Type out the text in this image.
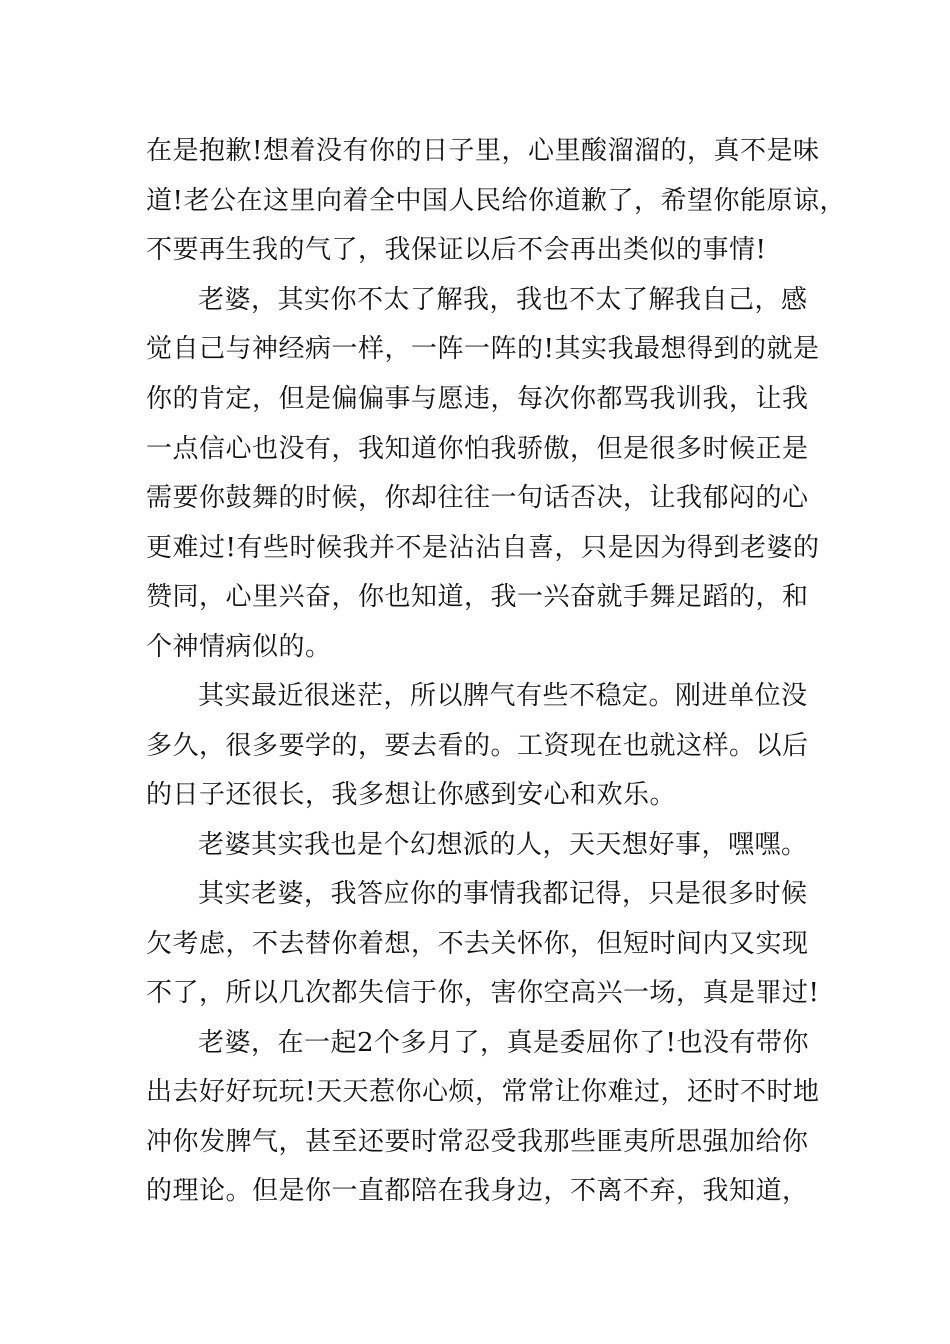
在是抱歉!想着没有你的日子里，心里酸溜溜的，真不是味
道!老公在这里向着全中国人民给你道歉了，希望你能原谅，
不要再生我的气了，我保证以后不会再出类似的事情!
老婆，其实你不太了解我，我也不太了解我自己，感
觉自己与神经病一样，一阵一阵的!其实我最想得到的就是
你的肯定，但是偏偏事与愿违，每次你都骂我训我，让我
一点信心也没有，我知道你怕我骄傲，但是很多时候正是
需要你鼓舞的时候，你却往往一句话否决，让我郁闷的心
更难过!有些时候我并不是沾沾自喜，只是因为得到老婆的
赞同，心里兴奋，你也知道，我一兴奋就手舞足蹈的，和
个神情病似的。
其实最近很迷茫，所以脾气有些不稳定。刚进单位没
多久，很多要学的，要去看的。工资现在也就这样。以后
的日子还很长，我多想让你感到安心和欢乐。
老婆其实我也是个幻想派的人，天天想好事，嘿嘿。
其实老婆，我答应你的事情我都记得，只是很多时候
欠考虑，不去替你着想，不去关怀你，但短时间内又实现
不了，所以几次都失信于你，害你空高兴一场，真是罪过!
老婆，在一起2个多月了，真是委屈你了!也没有带你
出去好好玩玩!天天惹你心烦，常常让你难过，还时不时地
冲你发脾气，甚至还要时常忍受我那些匪夷所思强加给你
的理论。但是你一直都陪在我身边，不离不弃，我知道，
